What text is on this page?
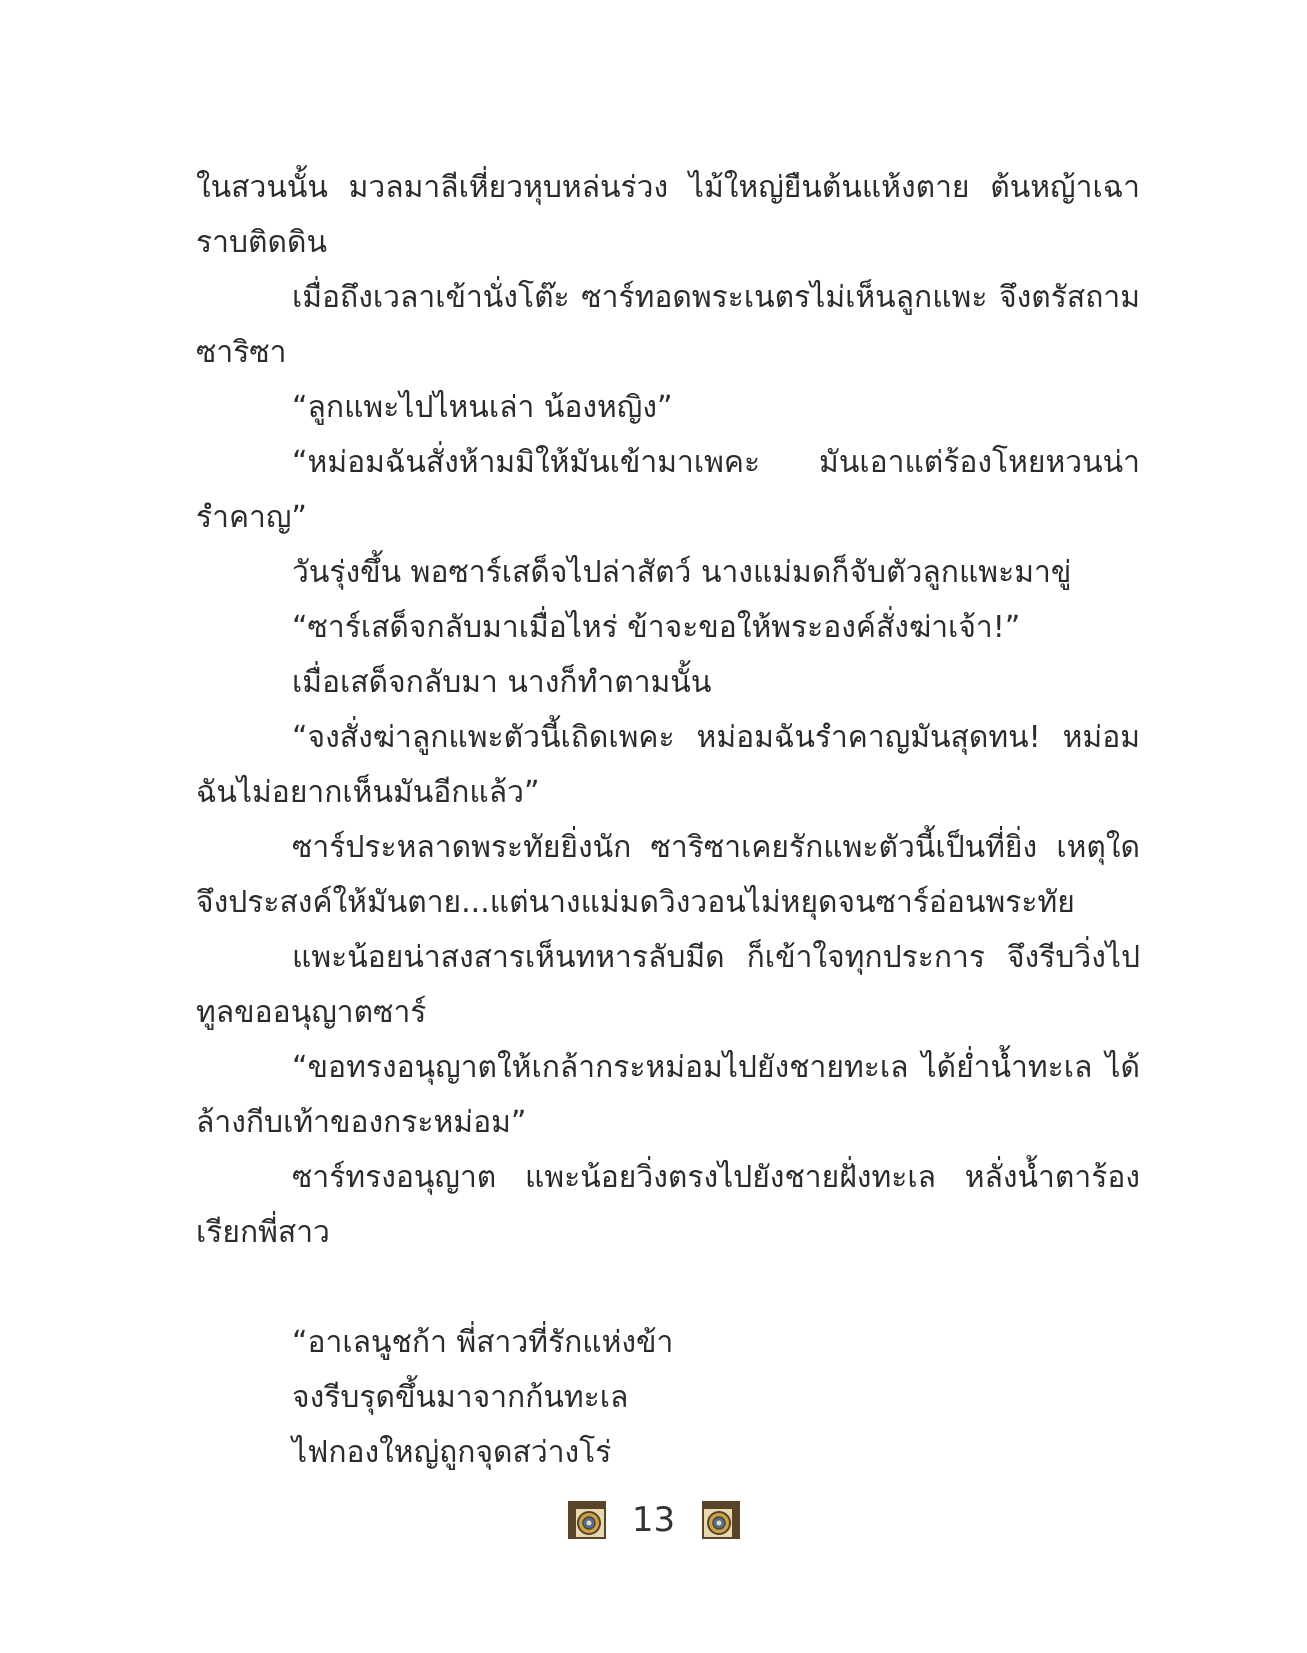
ในสวนนั้น มวลมาลีเหี่ยวหุบหล่นร่วง ไม้ใหญ่ยืนต้นแห้งตาย ต้นหญ้าเฉาราบติดดิน

เมื่อถึงเวลาเข้านั่งโต๊ะ ซาร์ทอดพระเนตรไม่เห็นลูกแพะ จึงตรัสถามซาริซา

“ลูกแพะไปไหนเล่า น้องหญิง”

“หม่อมฉันสั่งห้ามมิให้มันเข้ามาเพคะ มันเอาแต่ร้องโหยหวนน่ารำคาญ”

วันรุ่งขึ้น พอซาร์เสด็จไปล่าสัตว์ นางแม่มดก็จับตัวลูกแพะมาขู่

“ซาร์เสด็จกลับมาเมื่อไหร่ ข้าจะขอให้พระองค์สั่งฆ่าเจ้า!”

เมื่อเสด็จกลับมา นางก็ทำตามนั้น

“จงสั่งฆ่าลูกแพะตัวนี้เถิดเพคะ หม่อมฉันรำคาญมันสุดทน! หม่อมฉันไม่อยากเห็นมันอีกแล้ว”

ซาร์ประหลาดพระทัยยิ่งนัก ซาริซาเคยรักแพะตัวนี้เป็นที่ยิ่ง เหตุใดจึงประสงค์ให้มันตาย...แต่นางแม่มดวิงวอนไม่หยุดจนซาร์อ่อนพระทัย

แพะน้อยน่าสงสารเห็นทหารลับมีด ก็เข้าใจทุกประการ จึงรีบวิ่งไปทูลขออนุญาตซาร์

“ขอทรงอนุญาตให้เกล้ากระหม่อมไปยังชายทะเล ได้ย่ำน้ำทะเล ได้ล้างกีบเท้าของกระหม่อม”

ซาร์ทรงอนุญาต แพะน้อยวิ่งตรงไปยังชายฝั่งทะเล หลั่งน้ำตาร้องเรียกพี่สาว

“อาเลนูชก้า พี่สาวที่รักแห่งข้า

จงรีบรุดขึ้นมาจากก้นทะเล

ไฟกองใหญ่ถูกจุดสว่างโร่

13
